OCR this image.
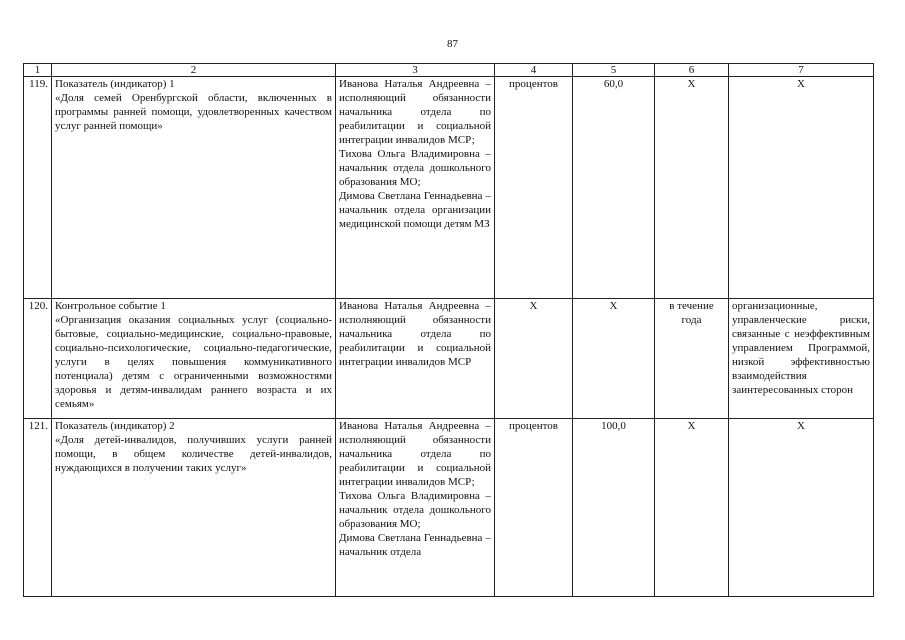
87
1	2	3	4	5	6	7
119.	Показатель (индикатор) 1
«Доля семей Оренбургской области, включенных в программы ранней помощи, удовлетворенных качеством услуг ранней помощи»	Иванова Наталья Андреевна – исполняющий обязанности начальника отдела по реабилитации и социальной интеграции инвалидов МСР;
Тихова Ольга Владимировна – начальник отдела дошкольного образования МО;
Димова Светлана Геннадьевна – начальник отдела организации медицинской помощи детям МЗ	процентов	60,0	Х	Х
120.	Контрольное событие 1
«Организация оказания социальных услуг (социально-бытовые, социально-медицинские, социально-правовые, социально-психологические, социально-педагогические, услуги в целях повышения коммуникативного потенциала) детям с ограниченными возможностями здоровья и детям-инвалидам раннего возраста и их семьям»	Иванова Наталья Андреевна – исполняющий обязанности начальника отдела по реабилитации и социальной интеграции инвалидов МСР	Х	Х	в течение года	организационные, управленческие риски, связанные с неэффективным управлением Программой, низкой эффективностью взаимодействия заинтересованных сторон
121.	Показатель (индикатор) 2
«Доля детей-инвалидов, получивших услуги ранней помощи, в общем количестве детей-инвалидов, нуждающихся в получении таких услуг»	Иванова Наталья Андреевна – исполняющий обязанности начальника отдела по реабилитации и социальной интеграции инвалидов МСР;
Тихова Ольга Владимировна – начальник отдела дошкольного образования МО;
Димова Светлана Геннадьевна – начальник отдела	процентов	100,0	Х	Х
